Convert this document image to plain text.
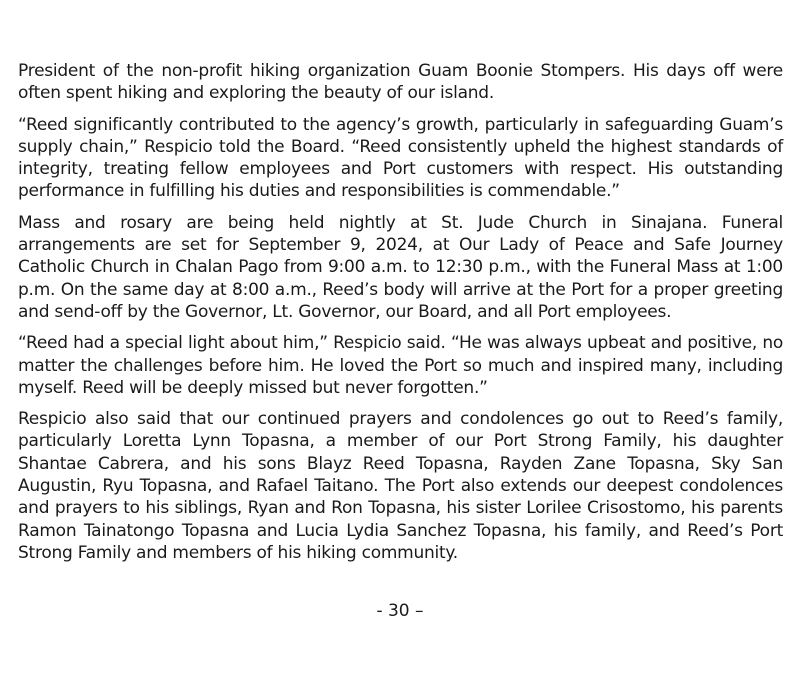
President of the non-profit hiking organization Guam Boonie Stompers. His days off were often spent hiking and exploring the beauty of our island.

“Reed significantly contributed to the agency’s growth, particularly in safeguarding Guam’s supply chain,” Respicio told the Board. “Reed consistently upheld the highest standards of integrity, treating fellow employees and Port customers with respect. His outstanding performance in fulfilling his duties and responsibilities is commendable.”

Mass and rosary are being held nightly at St. Jude Church in Sinajana. Funeral arrangements are set for September 9, 2024, at Our Lady of Peace and Safe Journey Catholic Church in Chalan Pago from 9:00 a.m. to 12:30 p.m., with the Funeral Mass at 1:00 p.m. On the same day at 8:00 a.m., Reed’s body will arrive at the Port for a proper greeting and send-off by the Governor, Lt. Governor, our Board, and all Port employees.

“Reed had a special light about him,” Respicio said. “He was always upbeat and positive, no matter the challenges before him. He loved the Port so much and inspired many, including myself. Reed will be deeply missed but never forgotten.”

Respicio also said that our continued prayers and condolences go out to Reed’s family, particularly Loretta Lynn Topasna, a member of our Port Strong Family, his daughter Shantae Cabrera, and his sons Blayz Reed Topasna, Rayden Zane Topasna, Sky San Augustin, Ryu Topasna, and Rafael Taitano. The Port also extends our deepest condolences and prayers to his siblings, Ryan and Ron Topasna, his sister Lorilee Crisostomo, his parents Ramon Tainatongo Topasna and Lucia Lydia Sanchez Topasna, his family, and Reed’s Port Strong Family and members of his hiking community.

- 30 –
